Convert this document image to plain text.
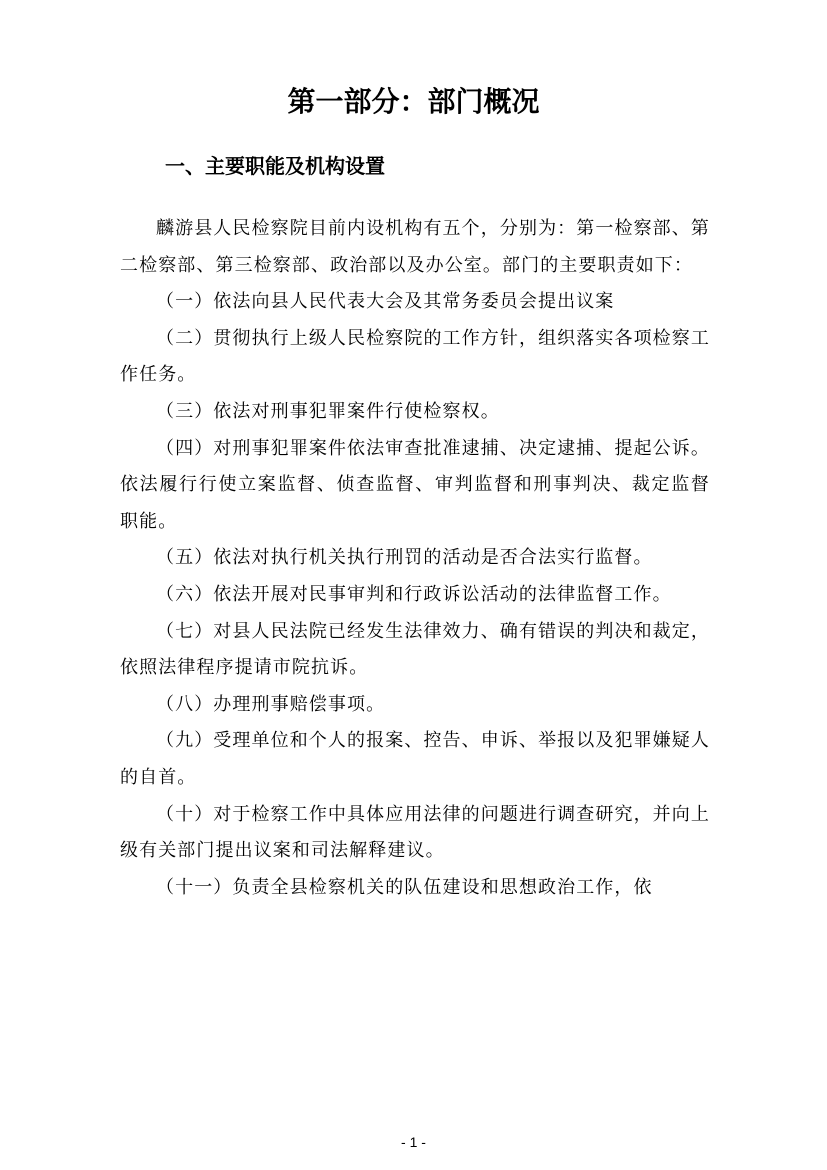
第一部分：部门概况
一、主要职能及机构设置

麟游县人民检察院目前内设机构有五个，分别为：第一检察部、第二检察部、第三检察部、政治部以及办公室。部门的主要职责如下：

（一）依法向县人民代表大会及其常务委员会提出议案

（二）贯彻执行上级人民检察院的工作方针，组织落实各项检察工作任务。

（三）依法对刑事犯罪案件行使检察权。

（四）对刑事犯罪案件依法审查批准逮捕、决定逮捕、提起公诉。依法履行行使立案监督、侦查监督、审判监督和刑事判决、裁定监督职能。

（五）依法对执行机关执行刑罚的活动是否合法实行监督。

（六）依法开展对民事审判和行政诉讼活动的法律监督工作。

（七）对县人民法院已经发生法律效力、确有错误的判决和裁定，依照法律程序提请市院抗诉。

（八）办理刑事赔偿事项。

（九）受理单位和个人的报案、控告、申诉、举报以及犯罪嫌疑人的自首。

（十）对于检察工作中具体应用法律的问题进行调查研究，并向上级有关部门提出议案和司法解释建议。

（十一）负责全县检察机关的队伍建设和思想政治工作，依

- 1 -
